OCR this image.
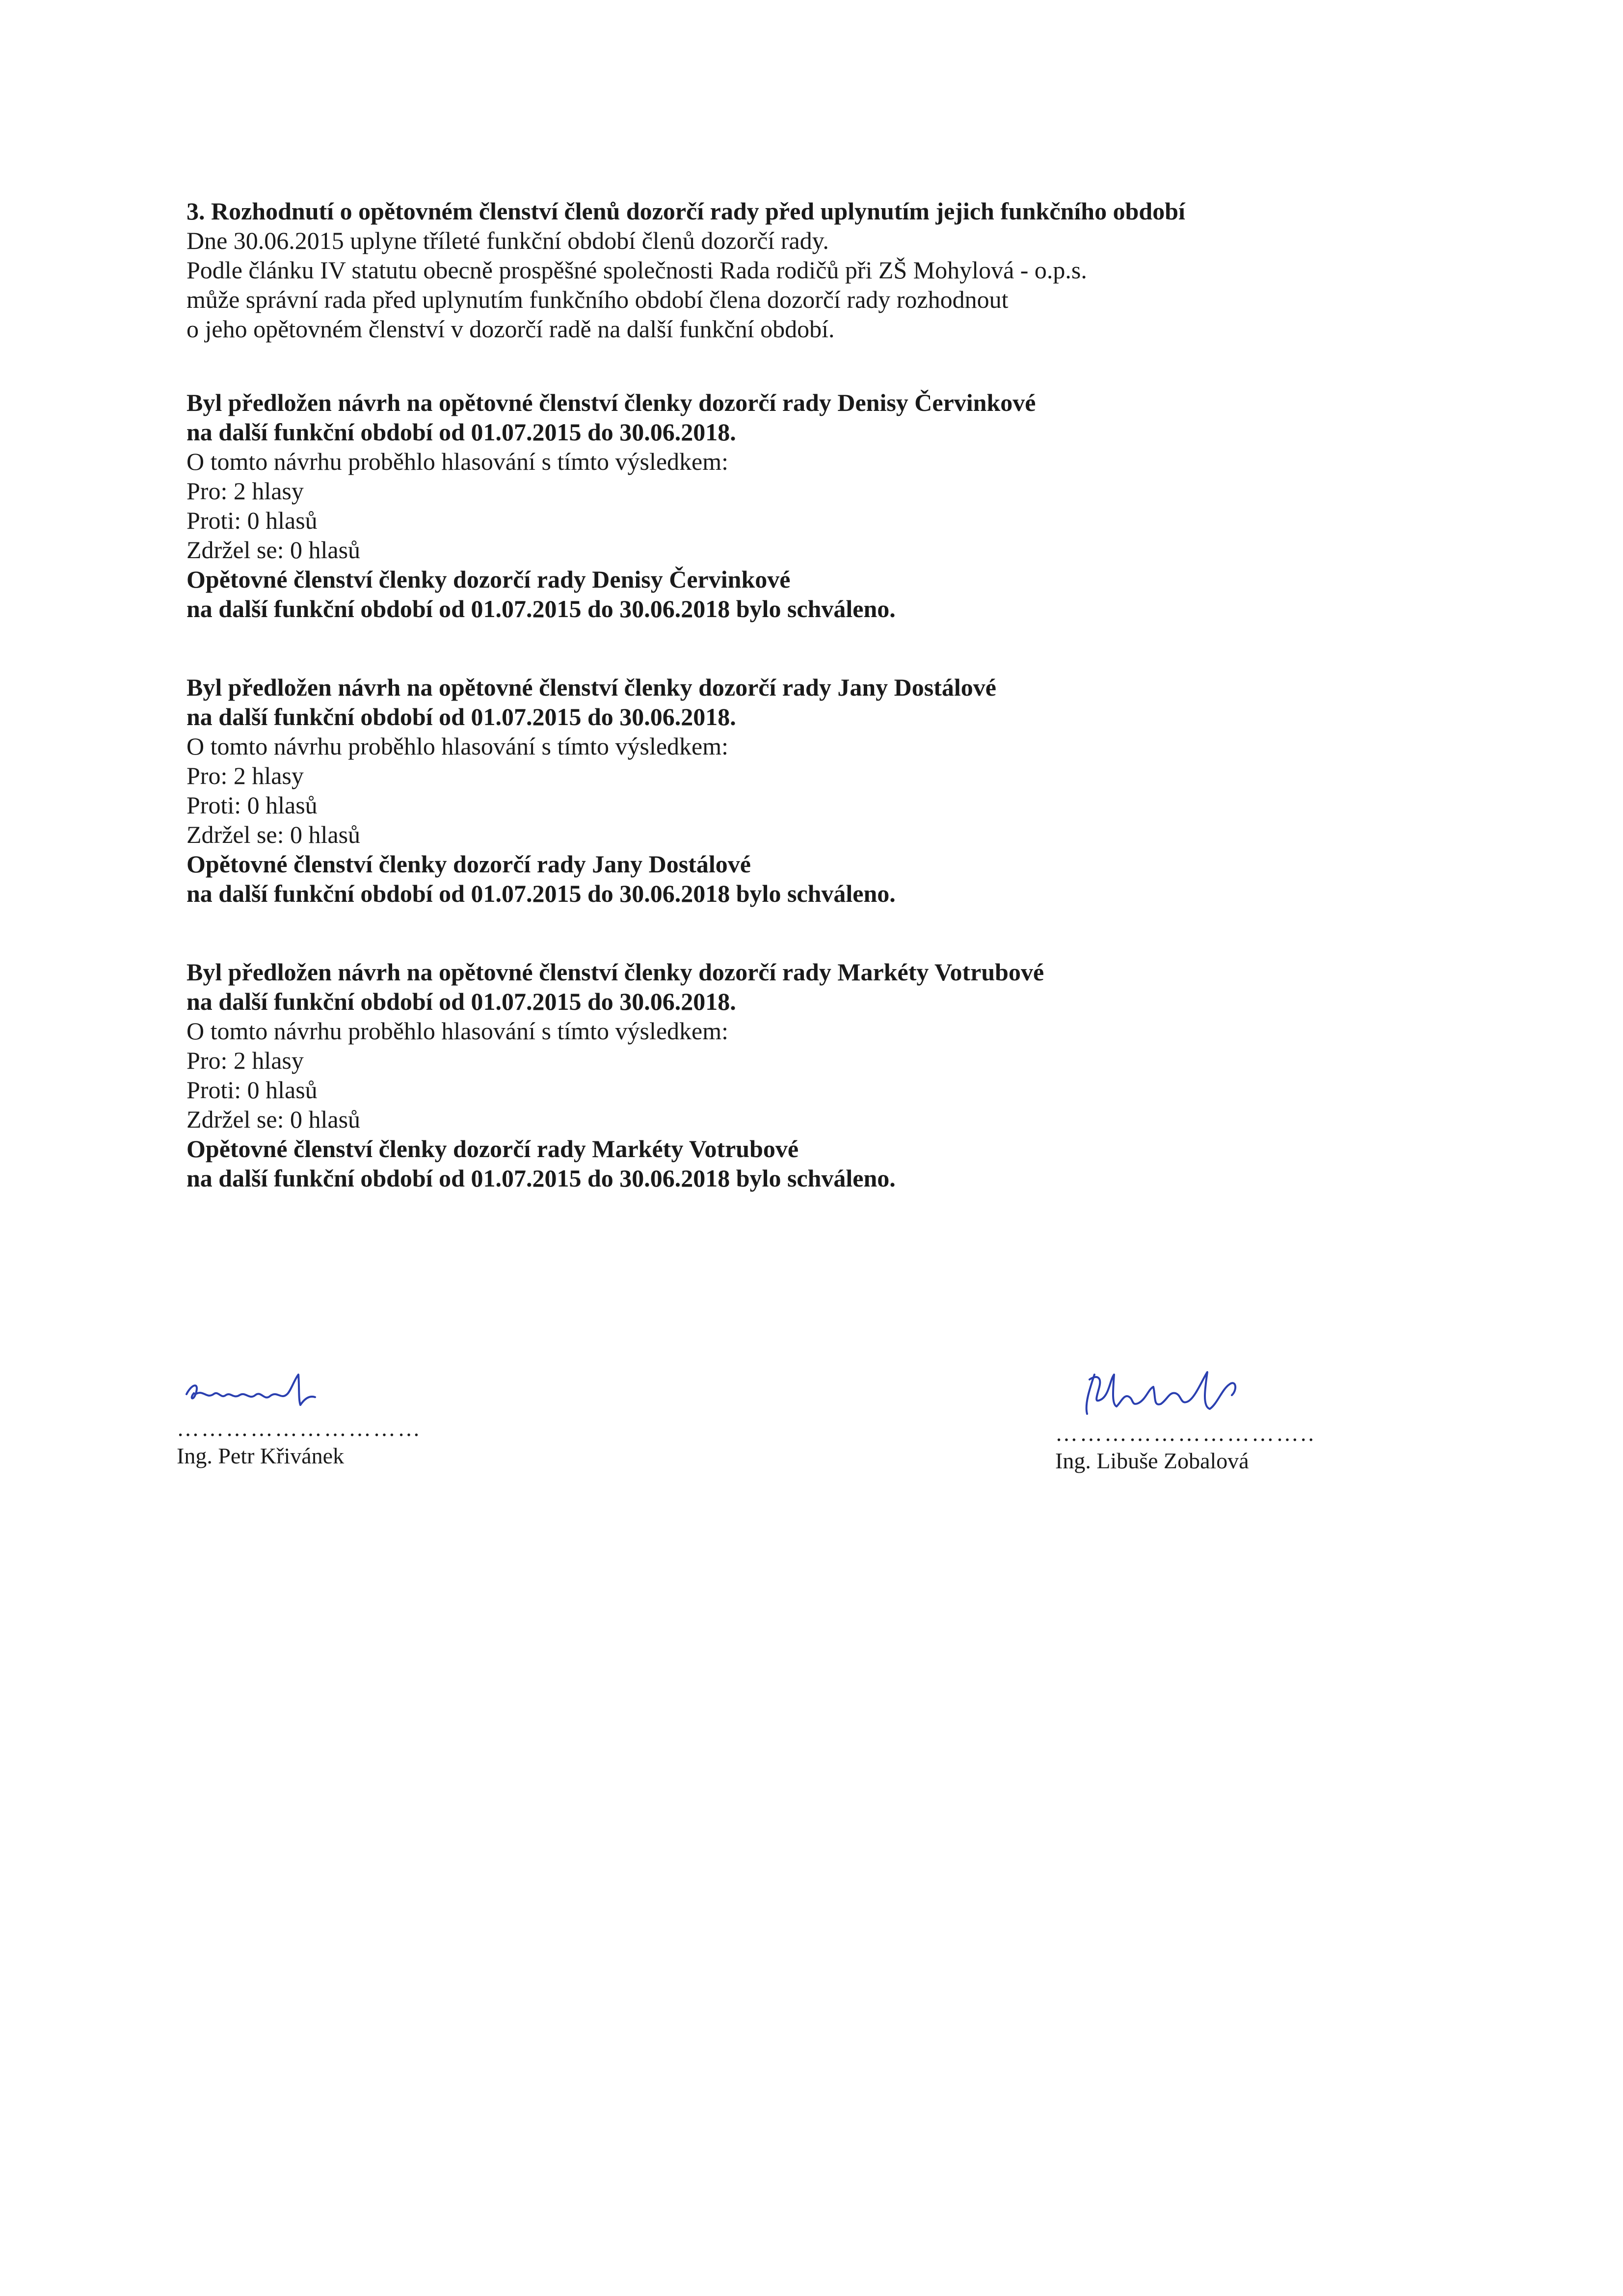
3. Rozhodnutí o opětovném členství členů dozorčí rady před uplynutím jejich funkčního období
Dne 30.06.2015 uplyne tříleté funkční období členů dozorčí rady.
Podle článku IV statutu obecně prospěšné společnosti Rada rodičů při ZŠ Mohylová - o.p.s.
může správní rada před uplynutím funkčního období člena dozorčí rady rozhodnout
o jeho opětovném členství v dozorčí radě na další funkční období.
Byl předložen návrh na opětovné členství členky dozorčí rady Denisy Červinkové
na další funkční období od 01.07.2015 do 30.06.2018.
O tomto návrhu proběhlo hlasování s tímto výsledkem:
Pro: 2 hlasy
Proti: 0 hlasů
Zdržel se: 0 hlasů
Opětovné členství členky dozorčí rady Denisy Červinkové
na další funkční období od 01.07.2015 do 30.06.2018 bylo schváleno.
Byl předložen návrh na opětovné členství členky dozorčí rady Jany Dostálové
na další funkční období od 01.07.2015 do 30.06.2018.
O tomto návrhu proběhlo hlasování s tímto výsledkem:
Pro: 2 hlasy
Proti: 0 hlasů
Zdržel se: 0 hlasů
Opětovné členství členky dozorčí rady Jany Dostálové
na další funkční období od 01.07.2015 do 30.06.2018 bylo schváleno.
Byl předložen návrh na opětovné členství členky dozorčí rady Markéty Votrubové
na další funkční období od 01.07.2015 do 30.06.2018.
O tomto návrhu proběhlo hlasování s tímto výsledkem:
Pro: 2 hlasy
Proti: 0 hlasů
Zdržel se: 0 hlasů
Opětovné členství členky dozorčí rady Markéty Votrubové
na další funkční období od 01.07.2015 do 30.06.2018 bylo schváleno.
…………………………
Ing. Petr Křivánek
…………………………..
Ing. Libuše Zobalová
